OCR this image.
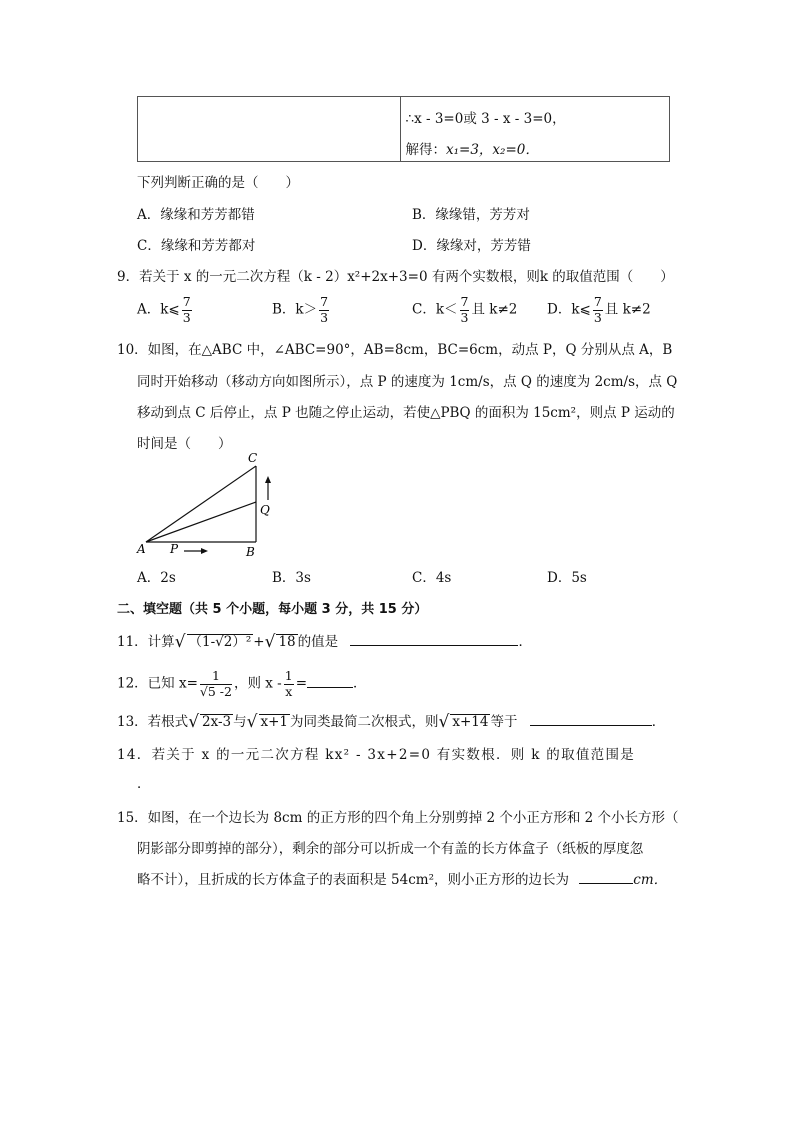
∴x - 3=0或 3 - x - 3=0，
解得：x₁=3，x₂=0．
下列判断正确的是（　　）
A．缘缘和芳芳都错	B．缘缘错，芳芳对
C．缘缘和芳芳都对	D．缘缘对，芳芳错
9．若关于 x 的一元二次方程（k - 2）x²+2x+3=0 有两个实数根，则k 的取值范围（　　）
A．k⩽ $\frac{7}{3}$	B．$k> \frac{7}{3}$	C．$k< \frac{7}{3}$ 且 k≠2 D．k⩽ $\frac{7}{3}$ 且 k≠2
10．如图，在△ABC 中，∠ABC=90°，AB=8cm，BC=6cm，动点 P，Q 分别从点 A，B
同时开始移动（移动方向如图所示），点 P 的速度为 1cm/s，点 Q 的速度为 2cm/s，点 Q
移动到点 C 后停止，点 P 也随之停止运动，若使△PBQ 的面积为 15cm²，则点 P 运动的
时间是（　　）
C
Q
A P	B
A．2s	B．3s	C．4s	D．5s
二、填空题（共 5 个小题，每小题 3 分，共 15 分）
11．计算√ （1-√2）² +√ 18 的值是	．
12．已知 $x= \frac{1}{√5 -2}$ ，则 x - $\frac{1}{x}$ =	．
13．若根式√ 2x-3 与√ x+1 为同类最简二次根式，则√ x+14 等于	．
14．若关于 x 的一元二次方程 kx² - 3x+2=0 有实数根．则 k 的取值范围是
．
15．如图，在一个边长为 8cm 的正方形的四个角上分别剪掉 2 个小正方形和 2 个小长方形（
阴影部分即剪掉的部分），剩余的部分可以折成一个有盖的长方体盒子（纸板的厚度忽
略不计），且折成的长方体盒子的表面积是 54cm²，则小正方形的边长为	cm．
